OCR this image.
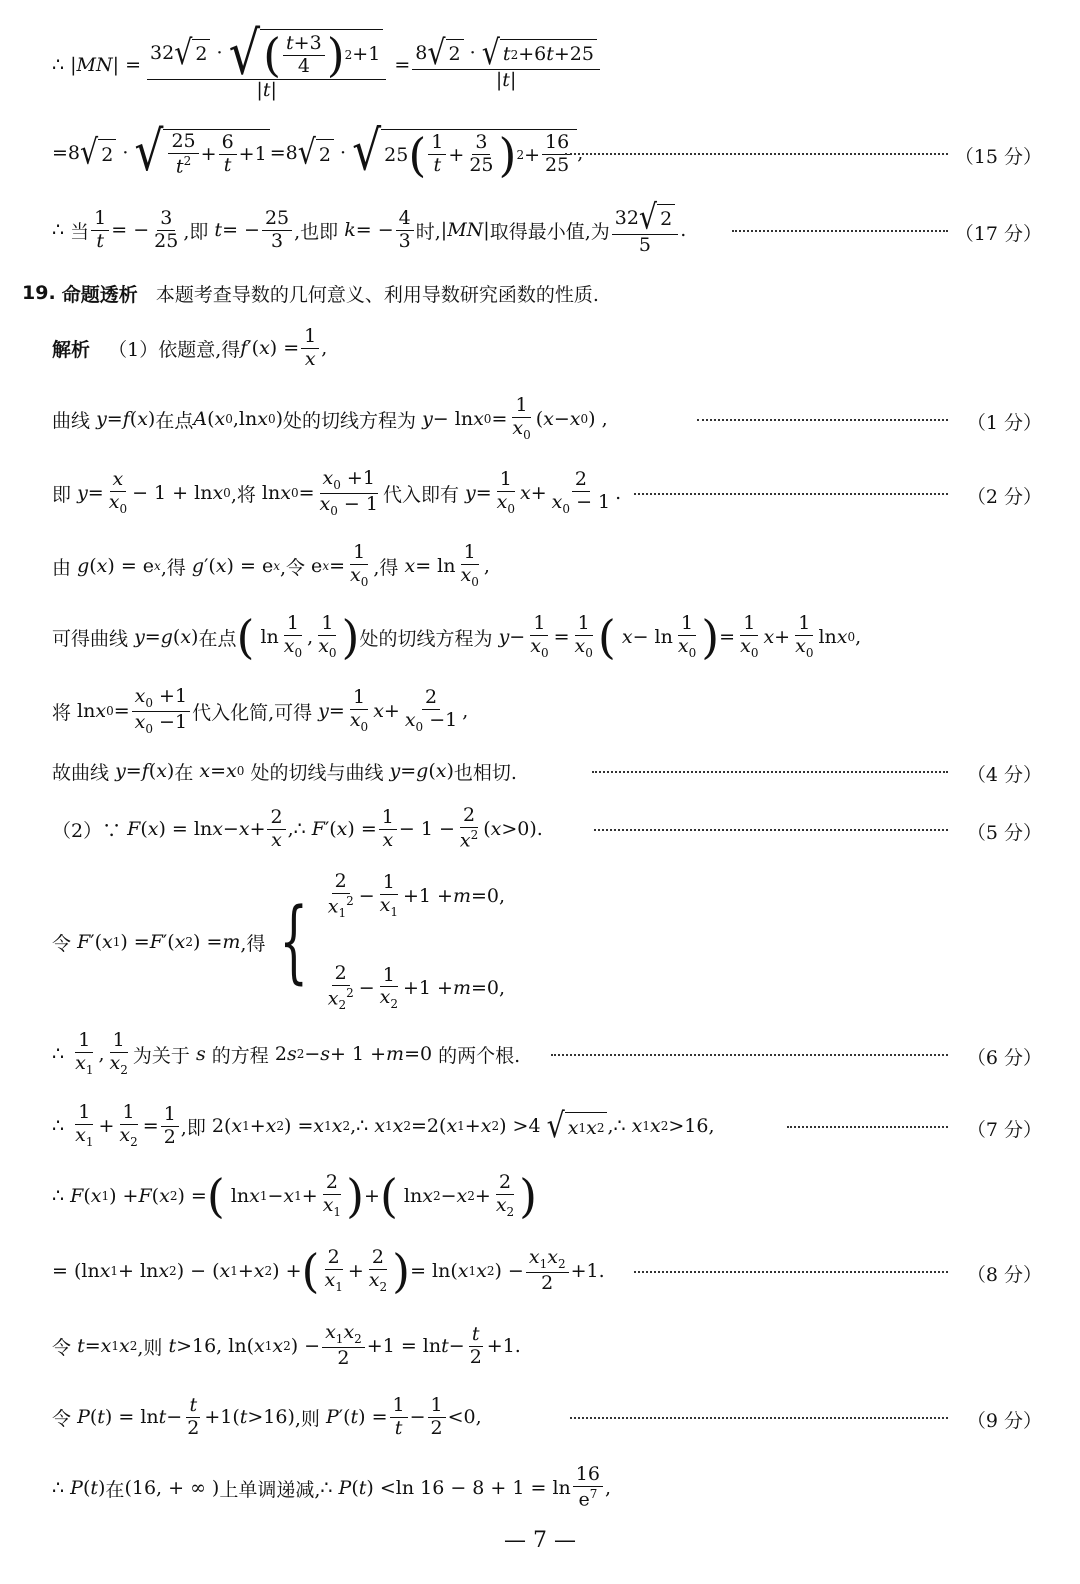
∴ | MN | = $\frac{32 √ 2 \cdot √ ( \frac{t+3}{4} ) 2 +1}{|t|} = \frac{8 √ 2 \cdot √ t 2 +6 t +25}{|t|}$
=8 √ 2 · √ $\frac{25}{t^2} + \frac{6}{t} +1 =8$ √ 2 · √ 25 ( $\frac{1}{t} + \frac{3}{25}$ ) $2 + \frac{16}{25}$ ,	（15 分）
∴
当 $\frac{1}{t}$ = − $\frac{3}{25}$ ,即
t = − $\frac{25}{3}$ ,也即
k = − $\frac{4}{3}$ 时, | MN | 取得最小值,为 $\frac{32 √ 2}{5}$ .	（17 分）
19.
命题透析
本题考查导数的几何意义、利用导数研究函数的性质.
解析
（1）依题意,得 f ′( x ) = $\frac{1}{x}$ ,
曲线
y = f ( x ) 在点 A ( x 0 ,ln x 0 ) 处的切线方程为
y − ln x $0 = \frac{1}{x_0}$ ( x − x 0 ) ,	（1 分）
即
$y = \frac{x}{x_0} - 1 + \ln x$ 0 ,将 ln x $0 = \frac{x_0 +1}{x_0 - 1}$ 代入即有
$y = \frac{1}{x_0}$ $x + \frac{2}{x_0 - 1}$ .	（2 分）
由
g ( x ) = e x ,得
g ′( x ) = e x ,令 e $x = \frac{1}{x_0}$ ,得
$x = \ln \frac{1}{x_0}$ ,
可得曲线
y = g ( x ) 在点 ( $\ln \frac{1}{x_0}$ , $\frac{1}{x_0}$ ) 处的切线方程为
$y - \frac{1}{x_0} = \frac{1}{x_0}$ (
$x - \ln \frac{1}{x_0}$ ) = $\frac{1}{x_0}$ $x + \frac{1}{x_0}$ ln x 0 ,
将 ln x $0 = \frac{x_0 +1}{x_0 -1}$ 代入化简,可得
$y = \frac{1}{x_0}$ $x + \frac{2}{x_0 -1}$ ,
故曲线
y = f ( x ) 在
x = x 0
处的切线与曲线
y = g ( x ) 也相切.	（4 分）
（2）∵
F ( x ) = $\ln x - x + \frac{2}{x}$ ,∴ F ′( x ) = $\frac{1}{x} - 1 - \frac{2}{x^2}$ ( x >0).	（5 分）
令
F ′( x 1 ) = F ′( x 2 ) = m ,得 { $\frac{2}{x_1^2} - \frac{1}{x_1} +1 + m =0$,
$\frac{2}{x_2^2} - \frac{1}{x_2} +1 + m =0$,
∴
$\frac{1}{x_1}$ , $\frac{1}{x_2}$ 为关于
s
的方程 2 s 2 − s + 1 + m =0 的两个根.	（6 分）
∴
$\frac{1}{x_1} + \frac{1}{x_2} = \frac{1}{2}$ ,即 2( x 1 + x 2 ) = x 1 x 2 ,∴ x 1 x 2 =2( x 1 + x 2 ) >4 √ x 1 x 2 ,∴ x 1 x 2 >16,	（7 分）
∴
F ( x 1 ) + F ( x 2 ) = ( ln x 1 − x $1 + \frac{2}{x_1}$ ) + ( ln x 2 − x $2 + \frac{2}{x_2}$ )
= (ln x 1 + ln x 2 ) − ( x 1 + x 2 ) + ( $\frac{2}{x_1} + \frac{2}{x_2}$ ) = ln( x 1 x 2 ) − $\frac{x_1x_2}{2} +1$.	（8 分）
令
t = x 1 x 2 ,则
t >16, ln( x 1 x 2 ) − $\frac{x_1x_2}{2} +1 = \ln t - \frac{t}{2} +1$.
令
P ( t ) = $\ln t - \frac{t}{2} +1$( t >16) ,则
P ′( t ) = $\frac{1}{t} - \frac{1}{2} <0$,	（9 分）
∴
P ( t ) 在 (16, + ∞ ) 上单调递减, ∴ P ( t ) <ln $16 - 8 + 1 = \ln \frac{16}{e^7}$ ,
— 7 —
